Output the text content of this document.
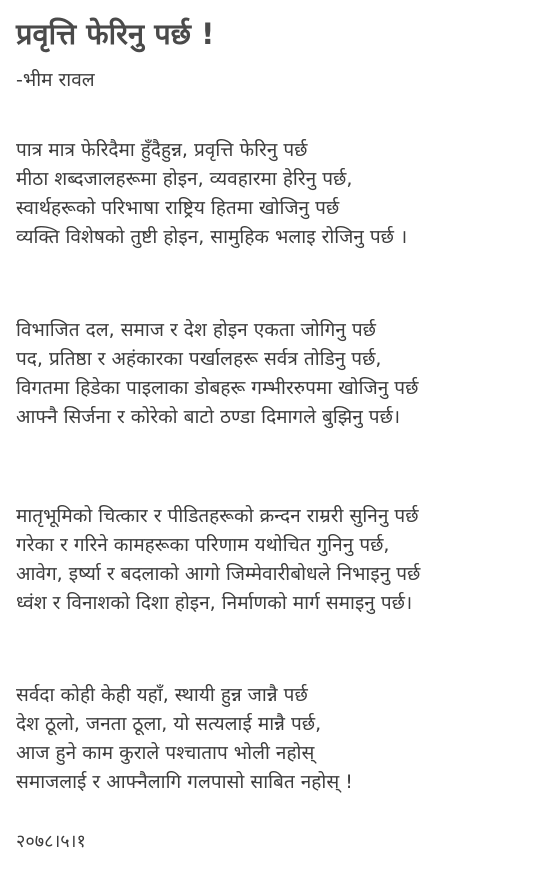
प्रवृत्ति फेरिनु पर्छ !
-भीम रावल
पात्र मात्र फेरिदैमा हुँदैहुन्न, प्रवृत्ति फेरिनु पर्छ
मीठा शब्दजालहरूमा होइन, व्यवहारमा हेरिनु पर्छ,
स्वार्थहरूको परिभाषा राष्ट्रिय हितमा खोजिनु पर्छ
व्यक्ति विशेषको तुष्टी होइन, सामुहिक भलाइ रोजिनु पर्छ ।
विभाजित दल, समाज र देश होइन एकता जोगिनु पर्छ
पद, प्रतिष्ठा र अहंकारका पर्खालहरू सर्वत्र तोडिनु पर्छ,
विगतमा हिडेका पाइलाका डोबहरू गम्भीररुपमा खोजिनु पर्छ
आफ्नै सिर्जना र कोरेको बाटो ठण्डा दिमागले बुझिनु पर्छ।
मातृभूमिको चित्कार र पीडितहरूको क्रन्दन राम्ररी सुनिनु पर्छ
गरेका र गरिने कामहरूका परिणाम यथोचित गुनिनु पर्छ,
आवेग, इर्ष्या र बदलाको आगो जिम्मेवारीबोधले निभाइनु पर्छ
ध्वंश र विनाशको दिशा होइन, निर्माणको मार्ग समाइनु पर्छ।
सर्वदा कोही केही यहाँ, स्थायी हुन्न जान्नै पर्छ
देश ठूलो, जनता ठूला, यो सत्यलाई मान्नै पर्छ,
आज हुने काम कुराले पश्चाताप भोली नहोस्
समाजलाई र आफ्नैलागि गलपासो साबित नहोस् !
२०७८।५।१
